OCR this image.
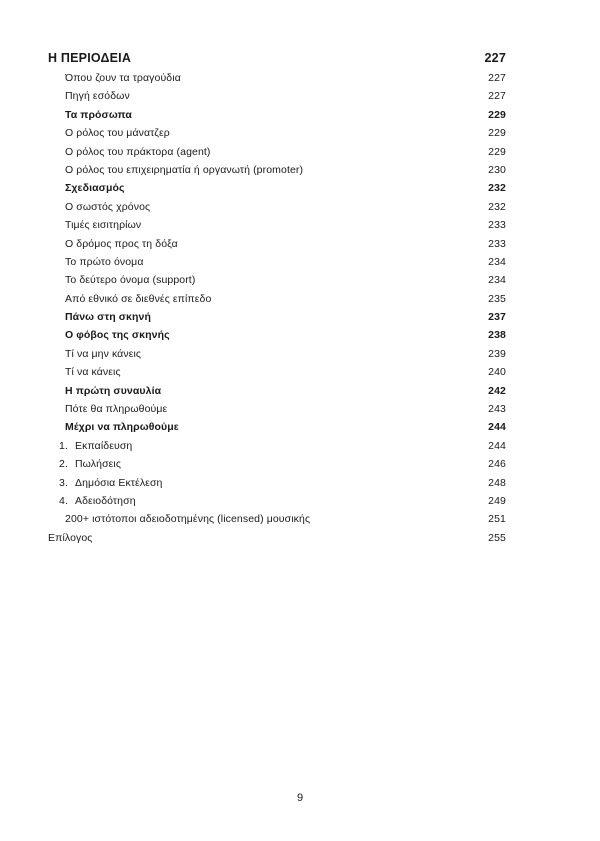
Η ΠΕΡΙΟΔΕΙΑ	227
Όπου ζουν τα τραγούδια	227
Πηγή εσόδων	227
Τα πρόσωπα	229
Ο ρόλος του μάνατζερ	229
Ο ρόλος του πράκτορα (agent)	229
Ο ρόλος του επιχειρηματία ή οργανωτή (promoter)	230
Σχεδιασμός	232
Ο σωστός χρόνος	232
Τιμές εισιτηρίων	233
Ο δρόμος προς τη δόξα	233
Το πρώτο όνομα	234
Το δεύτερο όνομα (support)	234
Από εθνικό σε διεθνές επίπεδο	235
Πάνω στη σκηνή	237
Ο φόβος της σκηνής	238
Τί να μην κάνεις	239
Τί να κάνεις	240
Η πρώτη συναυλία	242
Πότε θα πληρωθούμε	243
Μέχρι να πληρωθούμε	244
1. Εκπαίδευση	244
2. Πωλήσεις	246
3. Δημόσια Εκτέλεση	248
4. Αδειοδότηση	249
200+ ιστότοποι αδειοδοτημένης (licensed) μουσικής	251
Επίλογος	255
9
